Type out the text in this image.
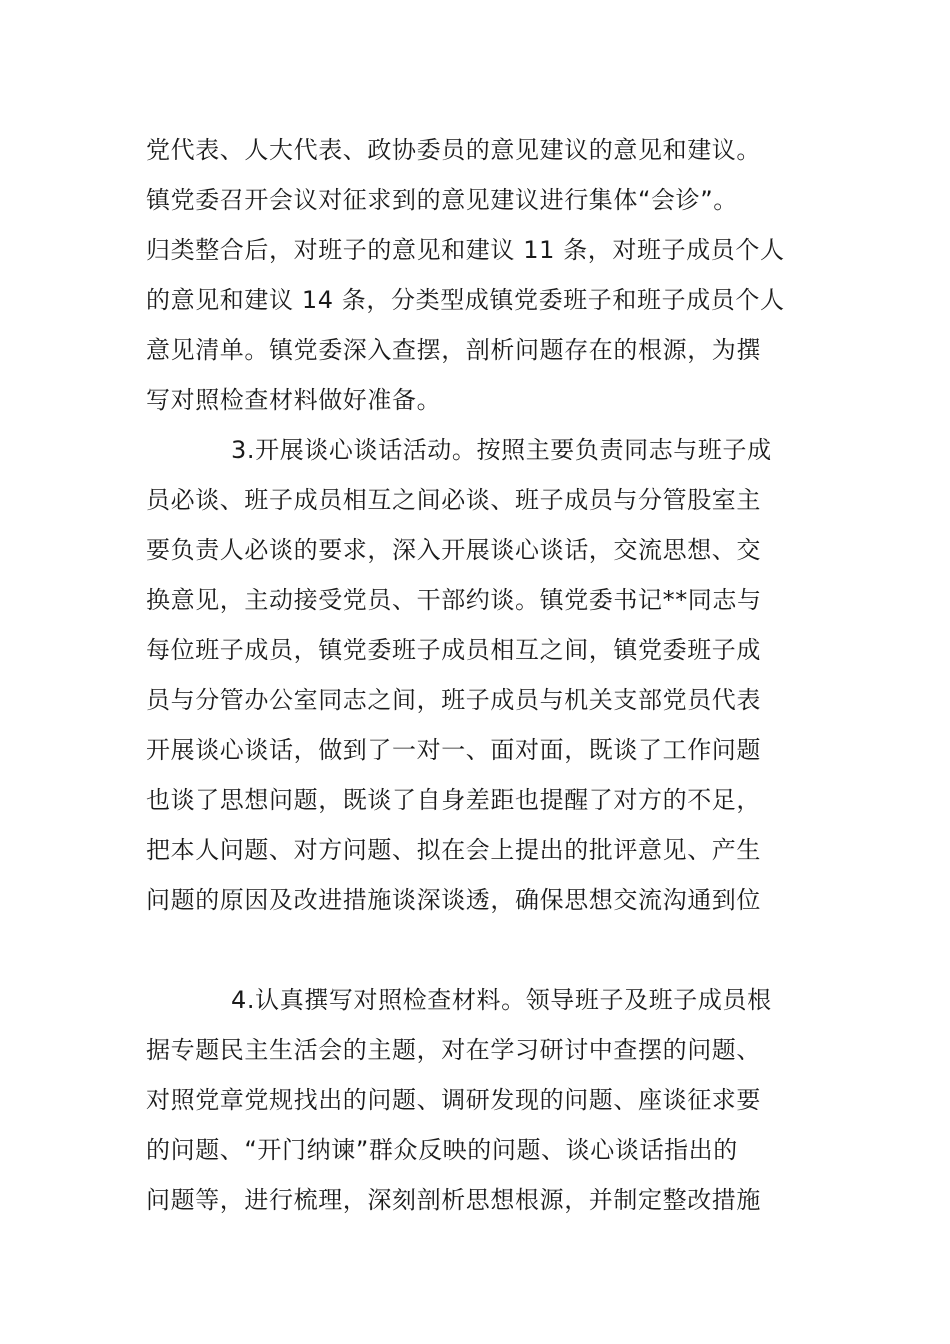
党代表、人大代表、政协委员的意见建议的意见和建议。
镇党委召开会议对征求到的意见建议进行集体“会诊”。
归类整合后，对班子的意见和建议 11 条，对班子成员个人
的意见和建议 14 条，分类型成镇党委班子和班子成员个人
意见清单。镇党委深入查摆，剖析问题存在的根源，为撰
写对照检查材料做好准备。
3.开展谈心谈话活动。按照主要负责同志与班子成
员必谈、班子成员相互之间必谈、班子成员与分管股室主
要负责人必谈的要求，深入开展谈心谈话，交流思想、交
换意见，主动接受党员、干部约谈。镇党委书记**同志与
每位班子成员，镇党委班子成员相互之间，镇党委班子成
员与分管办公室同志之间，班子成员与机关支部党员代表
开展谈心谈话，做到了一对一、面对面，既谈了工作问题
也谈了思想问题，既谈了自身差距也提醒了对方的不足，
把本人问题、对方问题、拟在会上提出的批评意见、产生
问题的原因及改进措施谈深谈透，确保思想交流沟通到位
4.认真撰写对照检查材料。领导班子及班子成员根
据专题民主生活会的主题，对在学习研讨中查摆的问题、
对照党章党规找出的问题、调研发现的问题、座谈征求要
的问题、“开门纳谏”群众反映的问题、谈心谈话指出的
问题等，进行梳理，深刻剖析思想根源，并制定整改措施
